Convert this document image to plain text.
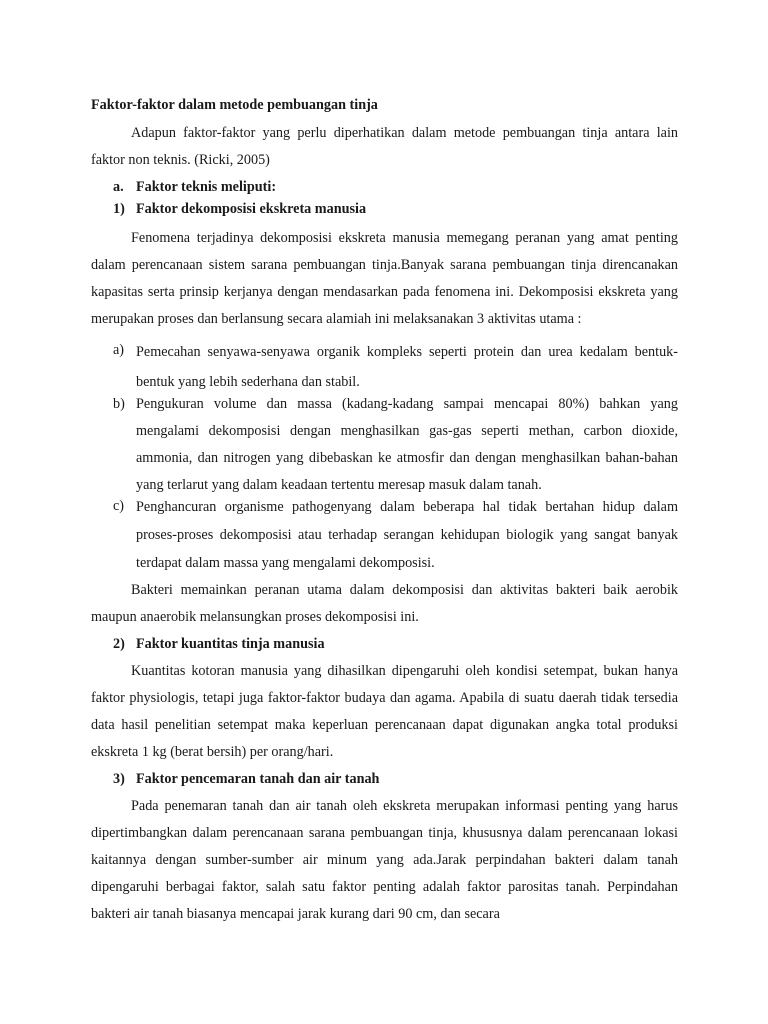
Faktor-faktor dalam metode pembuangan tinja

Adapun faktor-faktor yang perlu diperhatikan dalam metode pembuangan tinja antara lain faktor non teknis. (Ricki, 2005)

a. Faktor teknis meliputi:
1) Faktor dekomposisi ekskreta manusia

Fenomena terjadinya dekomposisi ekskreta manusia memegang peranan yang amat penting dalam perencanaan sistem sarana pembuangan tinja.Banyak sarana pembuangan tinja direncanakan kapasitas serta prinsip kerjanya dengan mendasarkan pada fenomena ini. Dekomposisi ekskreta yang merupakan proses dan berlansung secara alamiah ini melaksanakan 3 aktivitas utama :

a) Pemecahan senyawa-senyawa organik kompleks seperti protein dan urea kedalam bentuk-bentuk yang lebih sederhana dan stabil.
b) Pengukuran volume dan massa (kadang-kadang sampai mencapai 80%) bahkan yang mengalami dekomposisi dengan menghasilkan gas-gas seperti methan, carbon dioxide, ammonia, dan nitrogen yang dibebaskan ke atmosfir dan dengan menghasilkan bahan-bahan yang terlarut yang dalam keadaan tertentu meresap masuk dalam tanah.
c) Penghancuran organisme pathogenyang dalam beberapa hal tidak bertahan hidup dalam proses-proses dekomposisi atau terhadap serangan kehidupan biologik yang sangat banyak terdapat dalam massa yang mengalami dekomposisi.

Bakteri memainkan peranan utama dalam dekomposisi dan aktivitas bakteri baik aerobik maupun anaerobik melansungkan proses dekomposisi ini.

2) Faktor kuantitas tinja manusia

Kuantitas kotoran manusia yang dihasilkan dipengaruhi oleh kondisi setempat, bukan hanya faktor physiologis, tetapi juga faktor-faktor budaya dan agama. Apabila di suatu daerah tidak tersedia data hasil penelitian setempat maka keperluan perencanaan dapat digunakan angka total produksi ekskreta 1 kg (berat bersih) per orang/hari.

3) Faktor pencemaran tanah dan air tanah

Pada penemaran tanah dan air tanah oleh ekskreta merupakan informasi penting yang harus dipertimbangkan dalam perencanaan sarana pembuangan tinja, khususnya dalam perencanaan lokasi kaitannya dengan sumber-sumber air minum yang ada.Jarak perpindahan bakteri dalam tanah dipengaruhi berbagai faktor, salah satu faktor penting adalah faktor parositas tanah. Perpindahan bakteri air tanah biasanya mencapai jarak kurang dari 90 cm, dan secara
